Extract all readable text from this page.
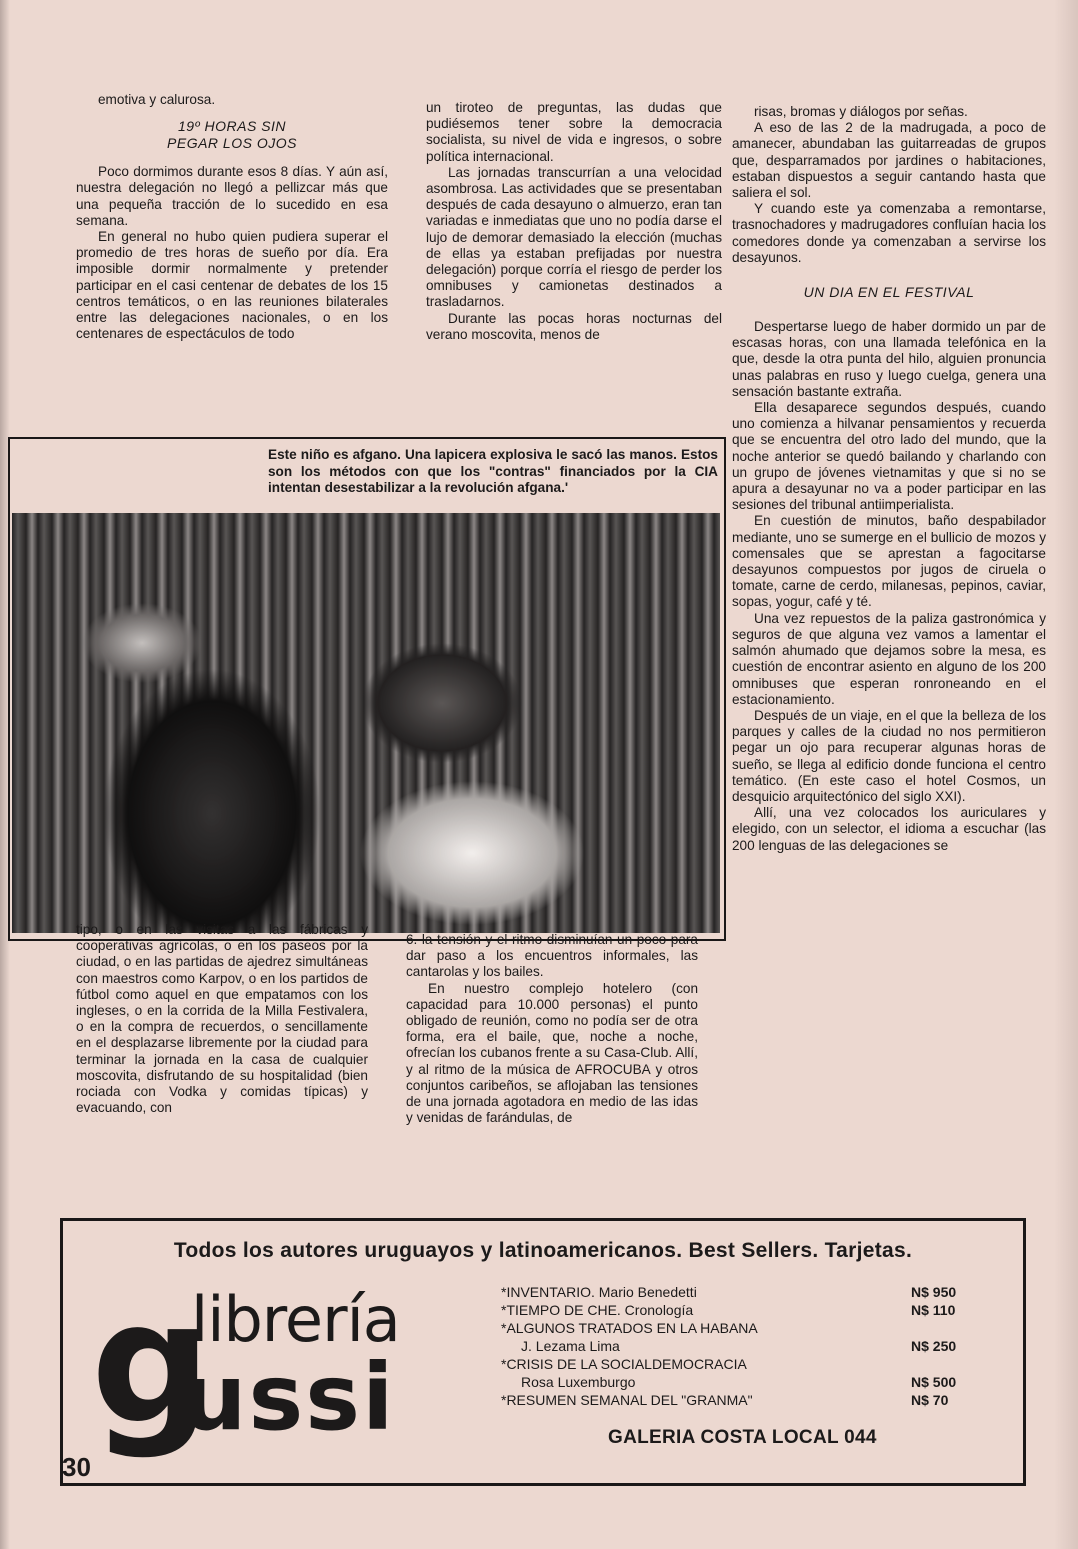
emotiva y calurosa.

19º HORAS SIN
PEGAR LOS OJOS

Poco dormimos durante esos 8 días. Y aún así, nuestra delegación no llegó a pellizcar más que una pequeña tracción de lo sucedido en esa semana.

En general no hubo quien pudiera superar el promedio de tres horas de sueño por día. Era imposible dormir normalmente y pretender participar en el casi centenar de debates de los 15 centros temáticos, o en las reuniones bilaterales entre las delegaciones nacionales, o en los centenares de espectáculos de todo

un tiroteo de preguntas, las dudas que pudiésemos tener sobre la democracia socialista, su nivel de vida e ingresos, o sobre política internacional.

Las jornadas transcurrían a una velocidad asombrosa. Las actividades que se presentaban después de cada desayuno o almuerzo, eran tan variadas e inmediatas que uno no podía darse el lujo de demorar demasiado la elección (muchas de ellas ya estaban prefijadas por nuestra delegación) porque corría el riesgo de perder los omnibuses y camionetas destinados a trasladarnos.

Durante las pocas horas nocturnas del verano moscovita, menos de

risas, bromas y diálogos por señas.

A eso de las 2 de la madrugada, a poco de amanecer, abundaban las guitarreadas de grupos que, desparramados por jardines o habitaciones, estaban dispuestos a seguir cantando hasta que saliera el sol.

Y cuando este ya comenzaba a remontarse, trasnochadores y madrugadores confluían hacia los comedores donde ya comenzaban a servirse los desayunos.

UN DIA EN EL FESTIVAL

Despertarse luego de haber dormido un par de escasas horas, con una llamada telefónica en la que, desde la otra punta del hilo, alguien pronuncia unas palabras en ruso y luego cuelga, genera una sensación bastante extraña.

Ella desaparece segundos después, cuando uno comienza a hilvanar pensamientos y recuerda que se encuentra del otro lado del mundo, que la noche anterior se quedó bailando y charlando con un grupo de jóvenes vietnamitas y que si no se apura a desayunar no va a poder participar en las sesiones del tribunal antiimperialista.

En cuestión de minutos, baño despabilador mediante, uno se sumerge en el bullicio de mozos y comensales que se aprestan a fagocitarse desayunos compuestos por jugos de ciruela o tomate, carne de cerdo, milanesas, pepinos, caviar, sopas, yogur, café y té.

Una vez repuestos de la paliza gastronómica y seguros de que alguna vez vamos a lamentar el salmón ahumado que dejamos sobre la mesa, es cuestión de encontrar asiento en alguno de los 200 omnibuses que esperan ronroneando en el estacionamiento.

Después de un viaje, en el que la belleza de los parques y calles de la ciudad no nos permitieron pegar un ojo para recuperar algunas horas de sueño, se llega al edificio donde funciona el centro temático. (En este caso el hotel Cosmos, un desquicio arquitectónico del siglo XXI).

Allí, una vez colocados los auriculares y elegido, con un selector, el idioma a escuchar (las 200 lenguas de las delegaciones se

Este niño es afgano. Una lapicera explosiva le sacó las manos. Estos son los métodos con que los "contras" financiados por la CIA intentan desestabilizar a la revolución afgana.'

tipo, o en las visitas a las fábricas y cooperativas agrícolas, o en los paseos por la ciudad, o en las partidas de ajedrez simultáneas con maestros como Karpov, o en los partidos de fútbol como aquel en que empatamos con los ingleses, o en la corrida de la Milla Festivalera, o en la compra de recuerdos, o sencillamente en el desplazarse libremente por la ciudad para terminar la jornada en la casa de cualquier moscovita, disfrutando de su hospitalidad (bien rociada con Vodka y comidas típicas) y evacuando, con

6. la tensión y el ritmo disminuían un poco para dar paso a los encuentros informales, las cantarolas y los bailes.

En nuestro complejo hotelero (con capacidad para 10.000 personas) el punto obligado de reunión, como no podía ser de otra forma, era el baile, que, noche a noche, ofrecían los cubanos frente a su Casa-Club. Allí, y al ritmo de la música de AFROCUBA y otros conjuntos caribeños, se aflojaban las tensiones de una jornada agotadora en medio de las idas y venidas de farándulas, de

Todos los autores uruguayos y latinoamericanos. Best Sellers. Tarjetas.
g
librería
ussi
*INVENTARIO. Mario Benedetti	N$ 950
*TIEMPO DE CHE. Cronología	N$ 110
*ALGUNOS TRATADOS EN LA HABANA
J. Lezama Lima	N$ 250
*CRISIS DE LA SOCIALDEMOCRACIA
Rosa Luxemburgo	N$ 500
*RESUMEN SEMANAL DEL "GRANMA"	N$ 70
GALERIA COSTA LOCAL 044
30
